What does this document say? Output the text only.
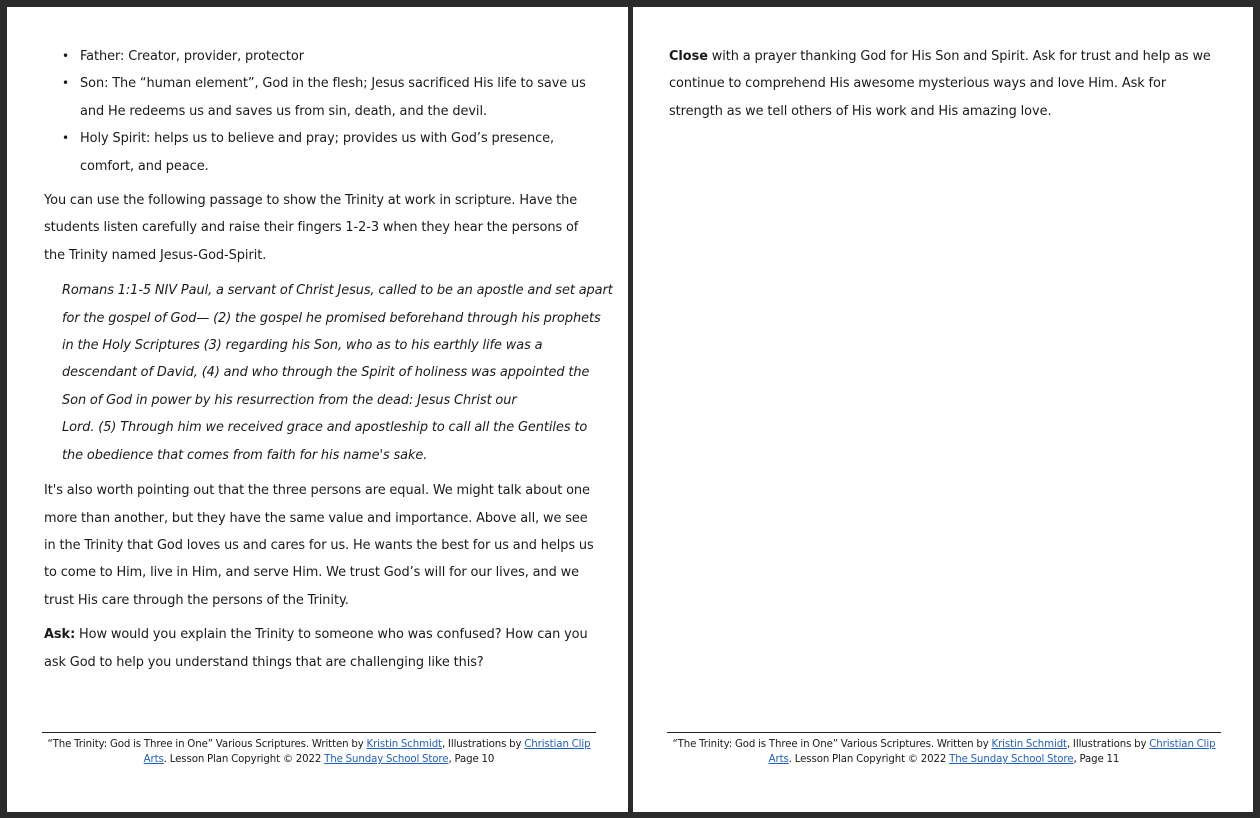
• Father: Creator, provider, protector
• Son: The “human element”, God in the flesh; Jesus sacrificed His life to save us and He redeems us and saves us from sin, death, and the devil.
• Holy Spirit: helps us to believe and pray; provides us with God’s presence, comfort, and peace.

You can use the following passage to show the Trinity at work in scripture. Have the students listen carefully and raise their fingers 1-2-3 when they hear the persons of the Trinity named Jesus-God-Spirit.

Romans 1:1-5 NIV Paul, a servant of Christ Jesus, called to be an apostle and set apart
for the gospel of God— (2) the gospel he promised beforehand through his prophets
in the Holy Scriptures (3) regarding his Son, who as to his earthly life was a
descendant of David, (4) and who through the Spirit of holiness was appointed the
Son of God in power by his resurrection from the dead: Jesus Christ our
Lord. (5) Through him we received grace and apostleship to call all the Gentiles to
the obedience that comes from faith for his name's sake.

It's also worth pointing out that the three persons are equal. We might talk about one more than another, but they have the same value and importance. Above all, we see in the Trinity that God loves us and cares for us. He wants the best for us and helps us to come to Him, live in Him, and serve Him. We trust God’s will for our lives, and we trust His care through the persons of the Trinity.

Ask: How would you explain the Trinity to someone who was confused? How can you ask God to help you understand things that are challenging like this?

“The Trinity: God is Three in One” Various Scriptures. Written by Kristin Schmidt, Illustrations by Christian Clip Arts. Lesson Plan Copyright © 2022 The Sunday School Store, Page 10

Close with a prayer thanking God for His Son and Spirit. Ask for trust and help as we continue to comprehend His awesome mysterious ways and love Him. Ask for strength as we tell others of His work and His amazing love.

“The Trinity: God is Three in One” Various Scriptures. Written by Kristin Schmidt, Illustrations by Christian Clip Arts. Lesson Plan Copyright © 2022 The Sunday School Store, Page 11
